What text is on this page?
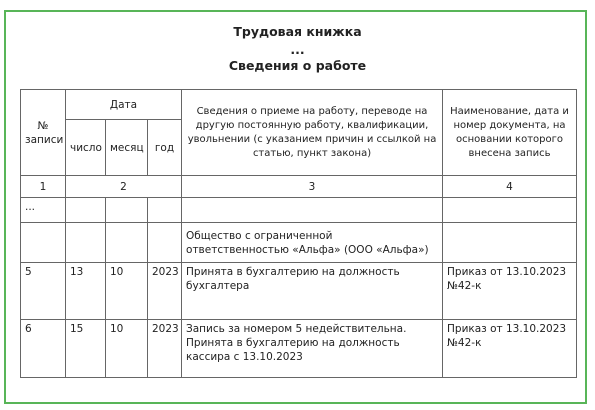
Трудовая книжка
...
Сведения о работе
№ записи	Дата			Сведения о приеме на работу, переводе на другую постоянную работу, квалификации, увольнении (с указанием причин и ссылкой на статью, пункт закона)	Наименование, дата и номер документа, на основании которого внесена запись
	число	месяц	год		
1	2			3	4
...					
				Общество с ограниченной ответственностью «Альфа» (ООО «Альфа»)	
5	13	10	2023	Принята в бухгалтерию на должность бухгалтера	Приказ от 13.10.2023 №42-к
6	15	10	2023	Запись за номером 5 недействительна. Принята в бухгалтерию на должность кассира с 13.10.2023	Приказ от 13.10.2023 №42-к
